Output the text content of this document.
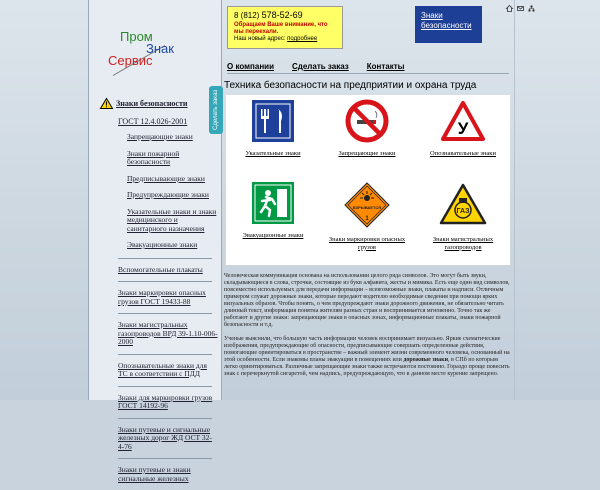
Пром
Знак
Сервис
Знаки безопасности
ГОСТ 12.4.026-2001
Запрещающие знаки
Знаки пожарной безопасности
Предписывающие знаки
Предупреждающие знаки
Указательные знаки и знаки медицинского и санитарного назначения
Эвакуационные знаки
Вспомогательные плакаты
Знаки маркировки опасных грузов ГОСТ 19433-88
Знаки магистральных газопроводов ВРД 39-1.10-006-2000
Опознавательные знаки для ТС в соответствии с ПДД
Знаки для маркировки грузов ГОСТ 14192-96
Знаки путевые и сигнальные железных дорог ЖД ОСТ 32-4-76
Знаки путевые и знаки сигнальные железных
Сделать заказ
8 (812) 578-52-69
Обращаем Ваше внимание, что мы переехали.
Наш новый адрес: подробнее
Знаки безопасности
О компании Сделать заказ Контакты
Техника безопасности на предприятии и охрана труда
Указательные знаки	Запрещающие знаки
У
Опознавательные знаки
Эвакуационные знаки
ВЗРЫВАЕТСЯ
1
Знаки маркировки опасных грузов
ГАЗ
Знаки магистральных газопроводов

Человеческая коммуникация основана на использовании целого ряда символов. Это могут быть звуки, складывающиеся в слова, строчки, состоящие из букв алфавита, жесты и мимика. Есть еще один вид символов, повсеместно используемых для передачи информации – всевозможные знаки, плакаты и надписи. Отличным примером служат дорожные знаки, которые передают водителю необходимые сведения при помощи ярких визуальных образов. Чтобы понять, о чем предупреждают знаки дорожного движения, не обязательно читать длинный текст, информация понятна жителям разных стран и воспринимается мгновенно. Точно так же работают и другие знаки: запрещающие знаки в опасных зонах, информационные плакаты, знаки пожарной безопасности и т.д.

Ученые выяснили, что большую часть информации человек воспринимает визуально. Яркие схематические изображения, предупреждающие об опасности, предписывающие совершать определенные действия, помогающие ориентироваться в пространстве – важный элемент жизни современного человека, основанный на этой особенности. Если знакомы планы эвакуации в помещениях или дорожные знаки, в СПб по которым легко ориентироваться. Различные запрещающие знаки также встречаются постоянно. Гораздо проще повесить знак с перечеркнутой сигаретой, чем надпись, предупреждающую, что в данном месте курение запрещено.
